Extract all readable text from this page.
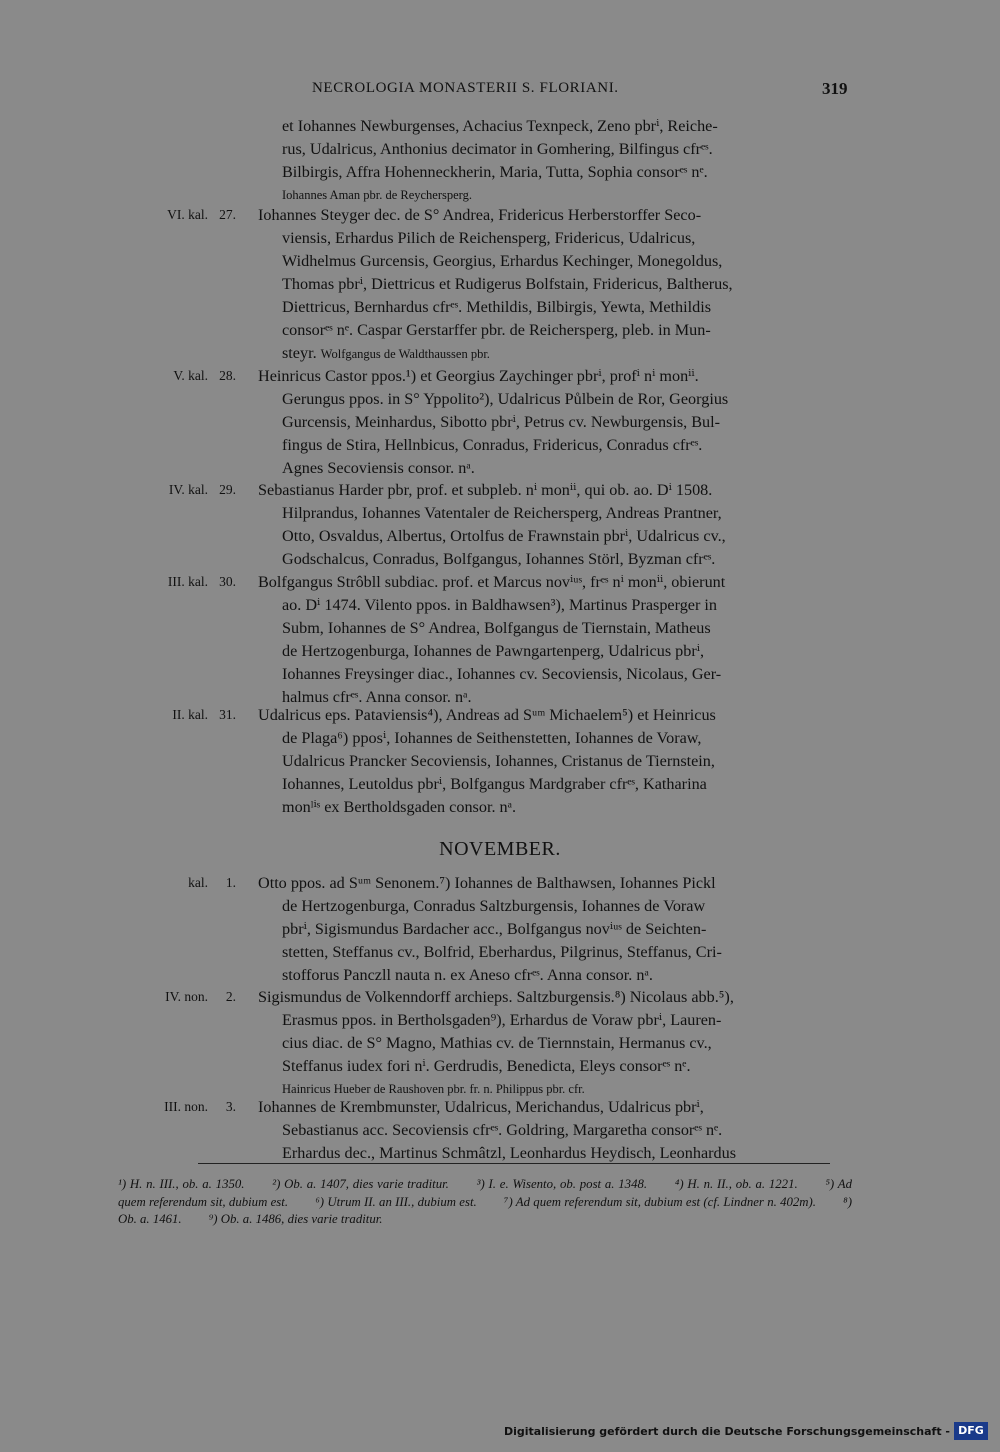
NECROLOGIA MONASTERII S. FLORIANI.	319
et Iohannes Newburgenses, Achacius Texnpeck, Zeno pbrⁱ, Reiche-
rus, Udalricus, Anthonius decimator in Gomhering, Bilfingus cfrᵉˢ.
Bilbirgis, Affra Hohenneckherin, Maria, Tutta, Sophia consorᵉˢ nᵉ.
Iohannes Aman pbr. de Reychersperg.
VI. kal. 27. Iohannes Steyger dec. de S° Andrea, Fridericus Herberstorffer Seco-
viensis, Erhardus Pilich de Reichensperg, Fridericus, Udalricus,
Widhelmus Gurcensis, Georgius, Erhardus Kechinger, Monegoldus,
Thomas pbrⁱ, Diettricus et Rudigerus Bolfstain, Fridericus, Baltherus,
Diettricus, Bernhardus cfrᵉˢ. Methildis, Bilbirgis, Yewta, Methildis
consorᵉˢ nᵉ. Caspar Gerstarffer pbr. de Reichersperg, pleb. in Mun-
steyr. Wolfgangus de Waldthaussen pbr.
V. kal. 28. Heinricus Castor ppos.¹) et Georgius Zaychinger pbrⁱ, profⁱ nⁱ monⁱⁱ.
Gerungus ppos. in S° Yppolito²), Udalricus Půlbein de Ror, Georgius
Gurcensis, Meinhardus, Sibotto pbrⁱ, Petrus cv. Newburgensis, Bul-
fingus de Stira, Hellnbicus, Conradus, Fridericus, Conradus cfrᵉˢ.
Agnes Secoviensis consor. nᵃ.
IV. kal. 29. Sebastianus Harder pbr, prof. et subpleb. nⁱ monⁱⁱ, qui ob. ao. Dⁱ 1508.
Hilprandus, Iohannes Vatentaler de Reichersperg, Andreas Prantner,
Otto, Osvaldus, Albertus, Ortolfus de Frawnstain pbrⁱ, Udalricus cv.,
Godschalcus, Conradus, Bolfgangus, Iohannes Störl, Byzman cfrᵉˢ.
III. kal. 30. Bolfgangus Strôbll subdiac. prof. et Marcus novⁱᵘˢ, frᵉˢ nⁱ monⁱⁱ, obierunt
ao. Dⁱ 1474. Vilento ppos. in Baldhawsen³), Martinus Prasperger in
Subm, Iohannes de S° Andrea, Bolfgangus de Tiernstain, Matheus
de Hertzogenburga, Iohannes de Pawngartenperg, Udalricus pbrⁱ,
Iohannes Freysinger diac., Iohannes cv. Secoviensis, Nicolaus, Ger-
halmus cfrᵉˢ. Anna consor. nᵃ.
II. kal. 31. Udalricus eps. Pataviensis⁴), Andreas ad Sᵘᵐ Michaelem⁵) et Heinricus
de Plaga⁶) pposⁱ, Iohannes de Seithenstetten, Iohannes de Voraw,
Udalricus Prancker Secoviensis, Iohannes, Cristanus de Tiernstein,
Iohannes, Leutoldus pbrⁱ, Bolfgangus Mardgraber cfrᵉˢ, Katharina
monˡⁱˢ ex Bertholdsgaden consor. nᵃ.
NOVEMBER.
kal.	1. Otto ppos. ad Sᵘᵐ Senonem.⁷) Iohannes de Balthawsen, Iohannes Pickl
de Hertzogenburga, Conradus Saltzburgensis, Iohannes de Voraw
pbrⁱ, Sigismundus Bardacher acc., Bolfgangus novⁱᵘˢ de Seichten-
stetten, Steffanus cv., Bolfrid, Eberhardus, Pilgrinus, Steffanus, Cri-
stofforus Panczll nauta n. ex Aneso cfrᵉˢ. Anna consor. nᵃ.
IV. non.	2. Sigismundus de Volkenndorff archieps. Saltzburgensis.⁸) Nicolaus abb.⁵),
Erasmus ppos. in Bertholsgaden⁹), Erhardus de Voraw pbrⁱ, Lauren-
cius diac. de S° Magno, Mathias cv. de Tiernnstain, Hermanus cv.,
Steffanus iudex fori nⁱ. Gerdrudis, Benedicta, Eleys consorᵉˢ nᵉ.
Hainricus Hueber de Raushoven pbr. fr. n. Philippus pbr. cfr.
III. non.	3. Iohannes de Krembmunster, Udalricus, Merichandus, Udalricus pbrⁱ,
Sebastianus acc. Secoviensis cfrᵉˢ. Goldring, Margaretha consorᵉˢ nᵉ.
Erhardus dec., Martinus Schmâtzl, Leonhardus Heydisch, Leonhardus
¹) H. n. III., ob. a. 1350. ²) Ob. a. 1407, dies varie traditur. ³) I. e. Wisento, ob. post a. 1348. ⁴) H. n. II., ob. a. 1221. ⁵) Ad quem referendum sit, dubium est. ⁶) Utrum II. an III., dubium est. ⁷) Ad quem referendum sit, dubium est (cf. Lindner n. 402m). ⁸) Ob. a. 1461. ⁹) Ob. a. 1486, dies varie traditur.
Digitalisierung gefördert durch die Deutsche Forschungsgemeinschaft - DFG
